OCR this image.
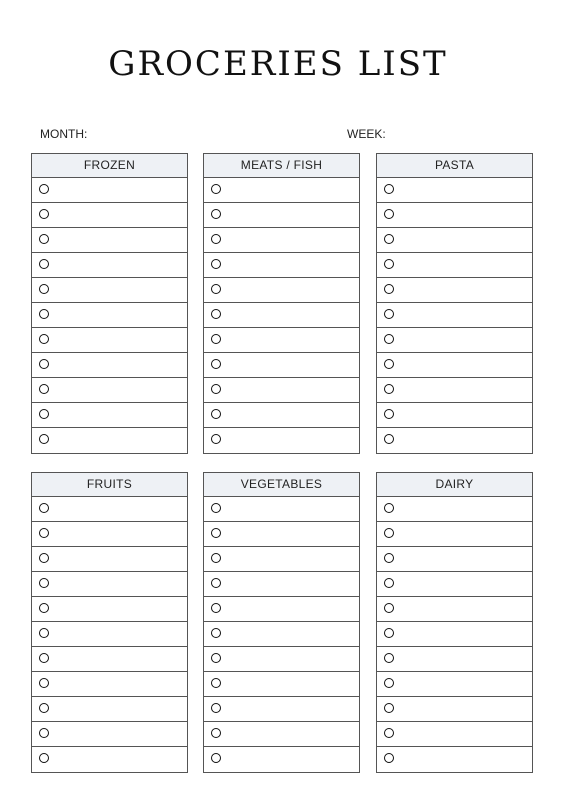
GROCERIES LIST
MONTH:	WEEK:
FROZEN	MEATS / FISH	PASTA
FRUITS	VEGETABLES	DAIRY
